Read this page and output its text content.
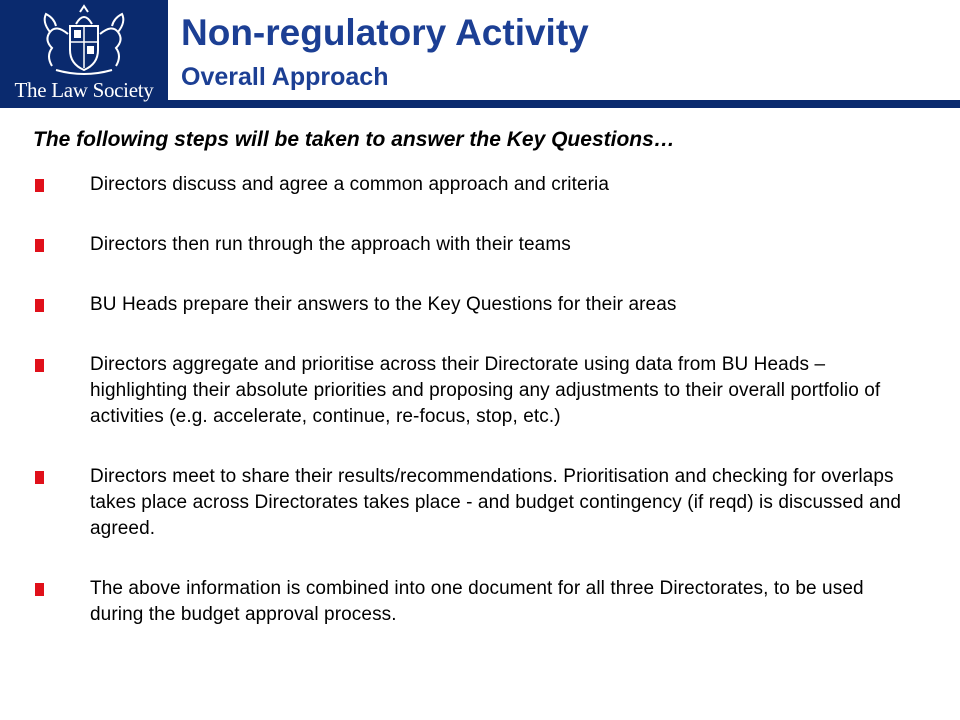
The Law Society
Non-regulatory Activity
Overall Approach
The following steps will be taken to answer the Key Questions…
Directors discuss and agree a common approach and criteria
Directors then run through the approach with their teams
BU Heads prepare their answers to the Key Questions for their areas
Directors aggregate and prioritise across their Directorate using data from BU Heads – highlighting their absolute priorities and proposing any adjustments to their overall portfolio of activities (e.g. accelerate, continue, re-focus, stop, etc.)
Directors meet to share their results/recommendations. Prioritisation and checking for overlaps takes place across Directorates takes place - and budget contingency (if reqd) is discussed and agreed.
The above information is combined into one document for all three Directorates, to be used during the budget approval process.
